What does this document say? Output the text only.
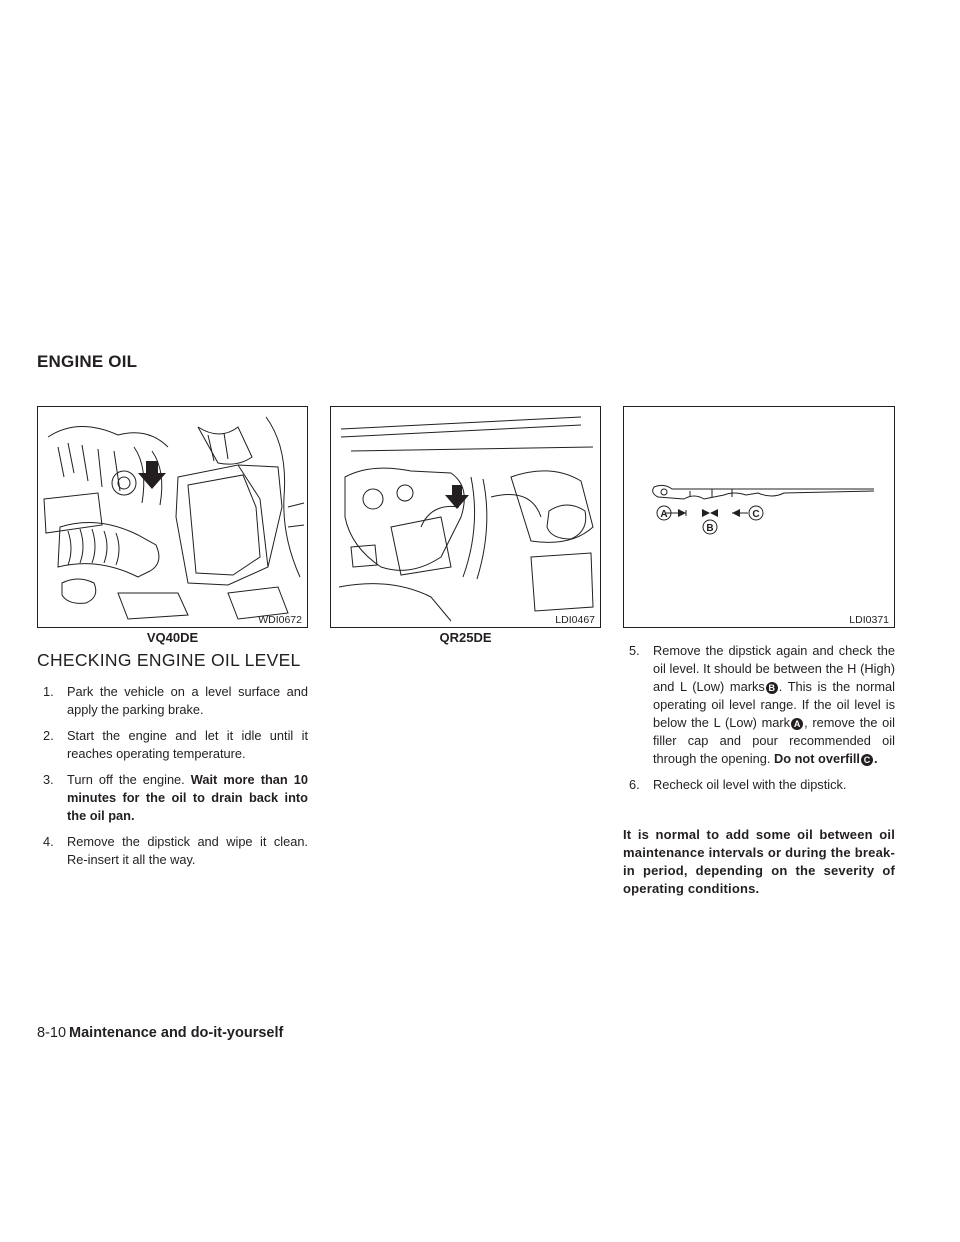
ENGINE OIL
WDI0672
VQ40DE
LDI0467
QR25DE
A
B
C
LDI0371
CHECKING ENGINE OIL LEVEL
1. Park the vehicle on a level surface and apply the parking brake.
2. Start the engine and let it idle until it reaches operating temperature.
3. Turn off the engine. Wait more than 10 minutes for the oil to drain back into the oil pan.
4. Remove the dipstick and wipe it clean. Re-insert it all the way.
5. Remove the dipstick again and check the oil level. It should be between the H (High) and L (Low) marks B . This is the normal operating oil level range. If the oil level is below the L (Low) mark A , remove the oil filler cap and pour recommended oil through the opening. Do not overfill C .
6. Recheck oil level with the dipstick.
It is normal to add some oil between oil maintenance intervals or during the break-in period, depending on the severity of operating conditions.
8-10 Maintenance and do-it-yourself
